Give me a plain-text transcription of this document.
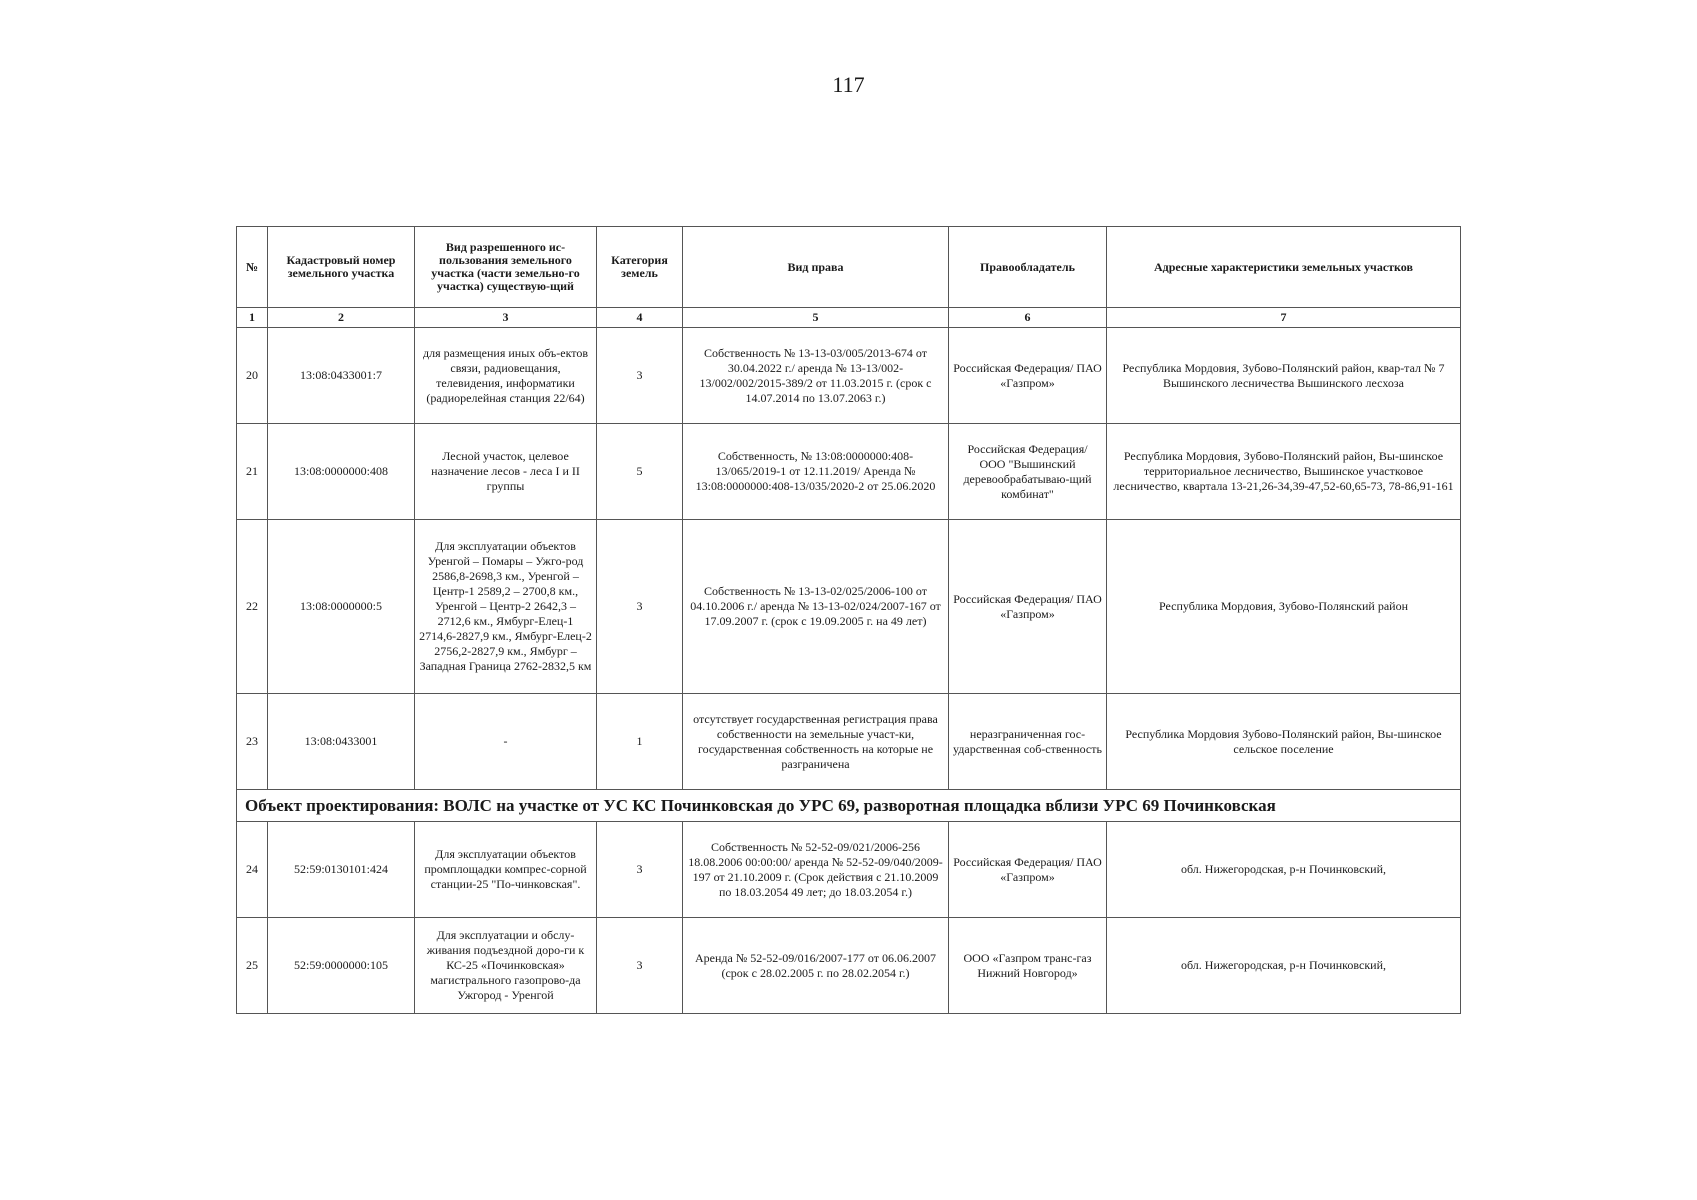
117
№	Кадастровый номер земельного участка	Вид разрешенного ис-пользования земельного участка (части земельно-го участка) существую-щий	Категория земель	Вид права	Правообладатель	Адресные характеристики земельных участков
1	2	3	4	5	6	7
20	13:08:0433001:7	для размещения иных объ-ектов связи, радиовещания, телевидения, информатики (радиорелейная станция 22/64)	3	Собственность № 13-13-03/005/2013-674 от 30.04.2022 г./ аренда № 13-13/002-13/002/002/2015-389/2 от 11.03.2015 г. (срок с 14.07.2014 по 13.07.2063 г.)	Российская Федерация/ ПАО «Газпром»	Республика Мордовия, Зубово-Полянский район, квар-тал № 7 Вышинского лесничества Вышинского лесхоза
21	13:08:0000000:408	Лесной участок, целевое назначение лесов - леса I и II группы	5	Собственность, № 13:08:0000000:408-13/065/2019-1 от 12.11.2019/ Аренда № 13:08:0000000:408-13/035/2020-2 от 25.06.2020	Российская Федерация/ ООО "Вышинский деревообрабатываю-щий комбинат"	Республика Мордовия, Зубово-Полянский район, Вы-шинское территориальное лесничество, Вышинское участковое лесничество, квартала 13-21,26-34,39-47,52-60,65-73, 78-86,91-161
22	13:08:0000000:5	Для эксплуатации объектов Уренгой – Помары – Ужго-род 2586,8-2698,3 км., Уренгой – Центр-1 2589,2 – 2700,8 км., Уренгой – Центр-2 2642,3 – 2712,6 км., Ямбург-Елец-1 2714,6-2827,9 км., Ямбург-Елец-2 2756,2-2827,9 км., Ямбург – Западная Граница 2762-2832,5 км	3	Собственность № 13-13-02/025/2006-100 от 04.10.2006 г./ аренда № 13-13-02/024/2007-167 от 17.09.2007 г. (срок с 19.09.2005 г. на 49 лет)	Российская Федерация/ ПАО «Газпром»	Республика Мордовия, Зубово-Полянский район
23	13:08:0433001	-	1	отсутствует государственная регистрация права собственности на земельные участ-ки, государственная собственность на которые не разграничена	неразграниченная гос-ударственная соб-ственность	Республика Мордовия Зубово-Полянский район, Вы-шинское сельское поселение
Объект проектирования: ВОЛС на участке от УС КС Починковская до УРС 69, разворотная площадка вблизи УРС 69 Починковская						
24	52:59:0130101:424	Для эксплуатации объектов промплощадки компрес-сорной станции-25 "По-чинковская".	3	Собственность № 52-52-09/021/2006-256 18.08.2006 00:00:00/ аренда № 52-52-09/040/2009-197 от 21.10.2009 г. (Срок действия с 21.10.2009 по 18.03.2054 49 лет; до 18.03.2054 г.)	Российская Федерация/ ПАО «Газпром»	обл. Нижегородская, р-н Починковский,
25	52:59:0000000:105	Для эксплуатации и обслу-живания подъездной доро-ги к КС-25 «Починковская» магистрального газопрово-да Ужгород - Уренгой	3	Аренда № 52-52-09/016/2007-177 от 06.06.2007 (срок с 28.02.2005 г. по 28.02.2054 г.)	ООО «Газпром транс-газ Нижний Новгород»	обл. Нижегородская, р-н Починковский,
